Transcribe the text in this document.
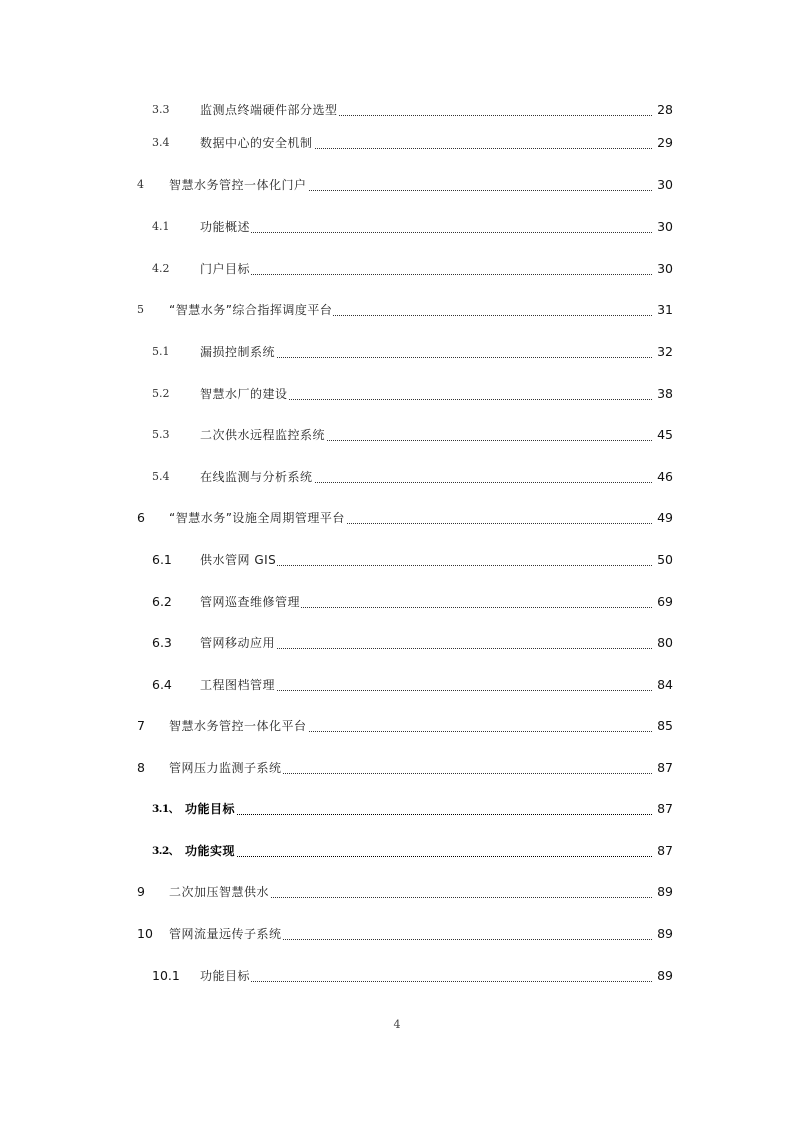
3.3	监测点终端硬件部分选型	28
3.4	数据中心的安全机制	29
4 智慧水务管控一体化门户	30
4.1	功能概述	30
4.2	门户目标	30
5 “智慧水务”综合指挥调度平台	31
5.1	漏损控制系统	32
5.2	智慧水厂的建设	38
5.3	二次供水远程监控系统	45
5.4	在线监测与分析系统	46
6 “智慧水务”设施全周期管理平台	49
6.1 供水管网 GIS	50
6.2 管网巡查维修管理	69
6.3 管网移动应用	80
6.4 工程图档管理	84
7 智慧水务管控一体化平台	85
8 管网压力监测子系统	87
3.1、 功能目标	87
3.2、 功能实现	87
9 二次加压智慧供水	89
10 管网流量远传子系统	89
10.1 功能目标	89
4
